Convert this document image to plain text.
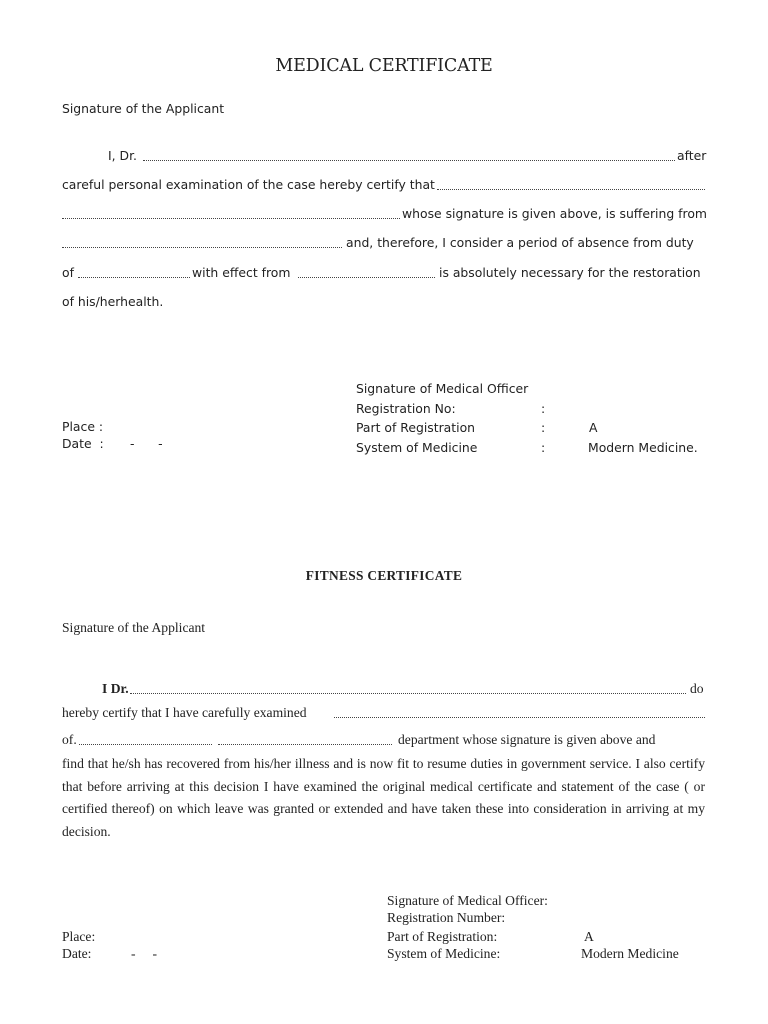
MEDICAL CERTIFICATE
Signature of the Applicant
I, Dr.	after
careful personal examination of the case hereby certify that
whose signature is given above, is suffering from
and, therefore, I consider a period of absence from duty
of	with effect from	is absolutely necessary for the restoration
of his/herhealth.
Signature of Medical Officer
Registration No:	:
Part of Registration	:	A
System of Medicine	:	Modern Medicine.
Place :
Date  : -      -
FITNESS CERTIFICATE
Signature of the Applicant
I Dr.	do
hereby certify that I have carefully examined
of.	department whose signature is given above and
find that he/sh has recovered from his/her illness and is now fit to resume duties in government service. I also certify that before arriving at this decision I have examined the original medical certificate and statement of the case ( or certified thereof) on which leave was granted or extended and have taken these into consideration in arriving at my decision.
Signature of Medical Officer:
Registration Number:
Part of Registration:	A
System of Medicine:	Modern Medicine
Place:
Date:	-     -
